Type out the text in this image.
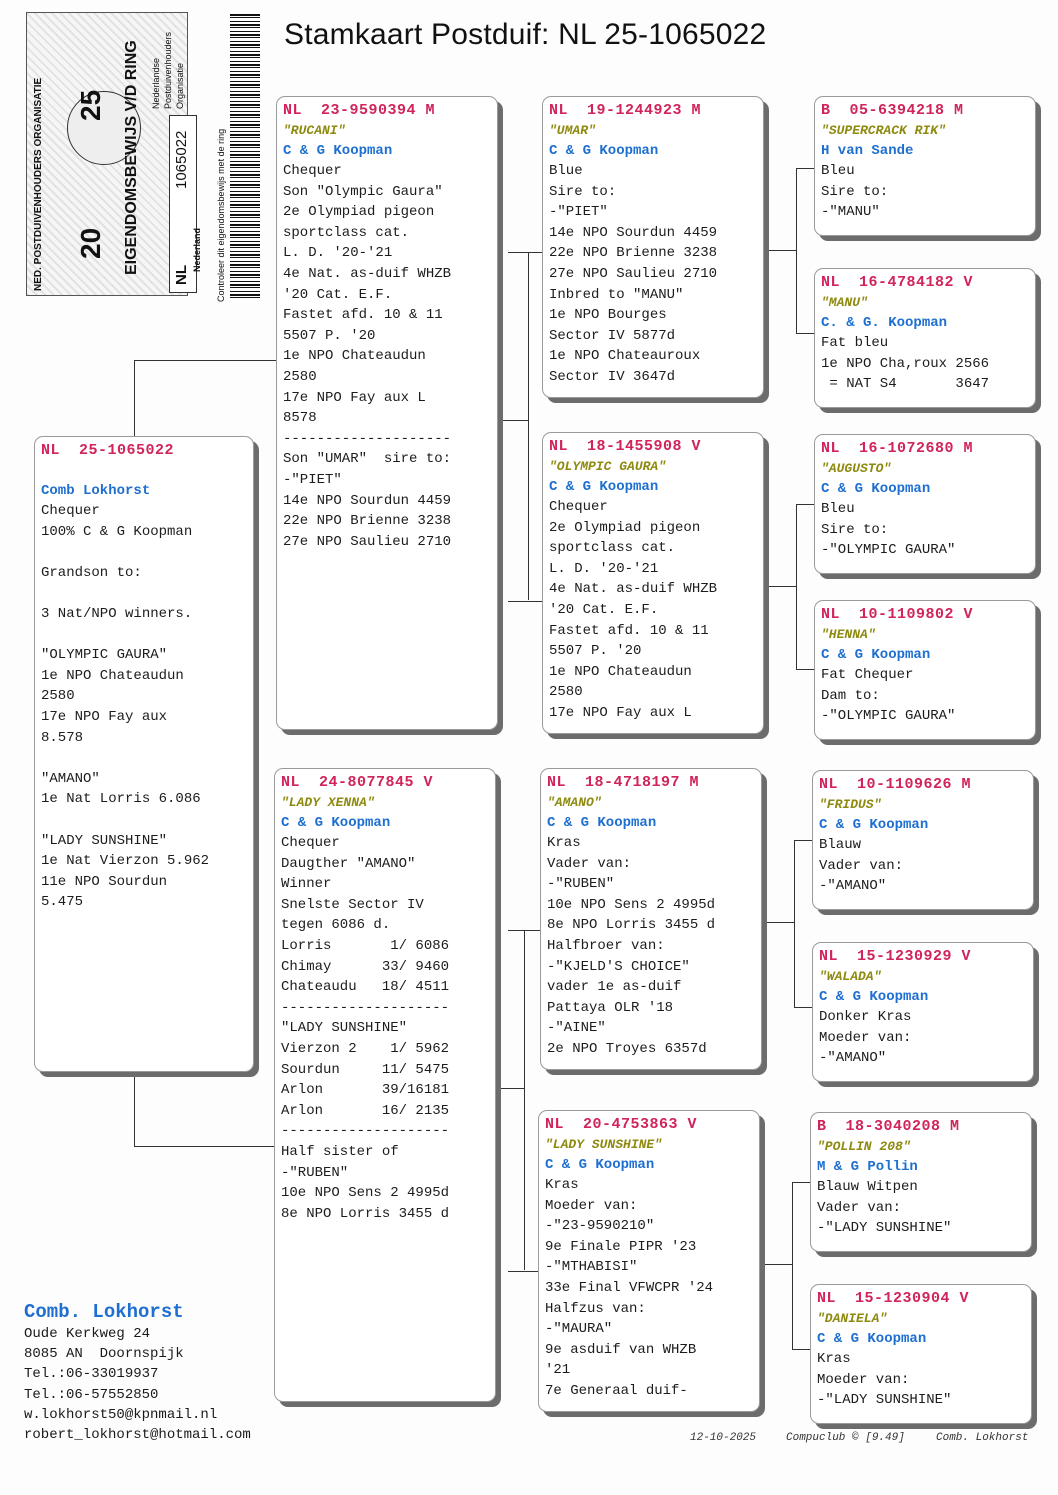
Stamkaart Postduif: NL 25-1065022
NED. POSTDUIVENHOUDERS ORGANISATIE 25
20 EIGENDOMSBEWIJS V/D RING 1065022
NL
Nederlandse Postduivenhouders Organisatie
Nederland Controleer dit eigendomsbewijs met de ring
NL  25-1065022
Comb Lokhorst
Chequer
100% C & G Koopman

Grandson to:

3 Nat/NPO winners.

"OLYMPIC GAURA"
1e NPO Chateaudun
2580
17e NPO Fay aux
8.578

"AMANO"
1e Nat Lorris 6.086

"LADY SUNSHINE"
1e Nat Vierzon 5.962
11e NPO Sourdun
5.475
NL  23-9590394 M
"RUCANI"
C & G Koopman
Chequer
Son "Olympic Gaura"
2e Olympiad pigeon
sportclass cat.
L. D. '20-'21
4e Nat. as-duif WHZB
'20 Cat. E.F.
Fastet afd. 10 & 11
5507 P. '20
1e NPO Chateaudun
2580
17e NPO Fay aux L
8578
--------------------
Son "UMAR"  sire to:
-"PIET"
14e NPO Sourdun 4459
22e NPO Brienne 3238
27e NPO Saulieu 2710
NL  24-8077845 V
"LADY XENNA"
C & G Koopman
Chequer
Daugther "AMANO"
Winner
Snelste Sector IV
tegen 6086 d.
Lorris       1/ 6086
Chimay      33/ 9460
Chateaudu   18/ 4511
--------------------
"LADY SUNSHINE"
Vierzon 2    1/ 5962
Sourdun     11/ 5475
Arlon       39/16181
Arlon       16/ 2135
--------------------
Half sister of
-"RUBEN"
10e NPO Sens 2 4995d
8e NPO Lorris 3455 d
NL  19-1244923 M
"UMAR"
C & G Koopman
Blue
Sire to:
-"PIET"
14e NPO Sourdun 4459
22e NPO Brienne 3238
27e NPO Saulieu 2710
Inbred to "MANU"
1e NPO Bourges
Sector IV 5877d
1e NPO Chateauroux
Sector IV 3647d
NL  18-1455908 V
"OLYMPIC GAURA"
C & G Koopman
Chequer
2e Olympiad pigeon
sportclass cat.
L. D. '20-'21
4e Nat. as-duif WHZB
'20 Cat. E.F.
Fastet afd. 10 & 11
5507 P. '20
1e NPO Chateaudun
2580
17e NPO Fay aux L
NL  18-4718197 M
"AMANO"
C & G Koopman
Kras
Vader van:
-"RUBEN"
10e NPO Sens 2 4995d
8e NPO Lorris 3455 d
Halfbroer van:
-"KJELD'S CHOICE"
vader 1e as-duif
Pattaya OLR '18
-"AINE"
2e NPO Troyes 6357d
NL  20-4753863 V
"LADY SUNSHINE"
C & G Koopman
Kras
Moeder van:
-"23-9590210"
9e Finale PIPR '23
-"MTHABISI"
33e Final VFWCPR '24
Halfzus van:
-"MAURA"
9e asduif van WHZB
'21
7e Generaal duif-
B  05-6394218 M
"SUPERCRACK RIK"
H van Sande
Bleu
Sire to:
-"MANU"
NL  16-4784182 V
"MANU"
C. & G. Koopman
Fat bleu
1e NPO Cha,roux 2566
= NAT S4       3647
NL  16-1072680 M
"AUGUSTO"
C & G Koopman
Bleu
Sire to:
-"OLYMPIC GAURA"
NL  10-1109802 V
"HENNA"
C & G Koopman
Fat Chequer
Dam to:
-"OLYMPIC GAURA"
NL  10-1109626 M
"FRIDUS"
C & G Koopman
Blauw
Vader van:
-"AMANO"
NL  15-1230929 V
"WALADA"
C & G Koopman
Donker Kras
Moeder van:
-"AMANO"
B  18-3040208 M
"POLLIN 208"
M & G Pollin
Blauw Witpen
Vader van:
-"LADY SUNSHINE"
NL  15-1230904 V
"DANIELA"
C & G Koopman
Kras
Moeder van:
-"LADY SUNSHINE"
Comb. Lokhorst
Oude Kerkweg 24
8085 AN  Doornspijk
Tel.:06-33019937
Tel.:06-57552850
w.lokhorst50@kpnmail.nl
robert_lokhorst@hotmail.com	12-10-2025	Compuclub © [9.49]	Comb. Lokhorst
